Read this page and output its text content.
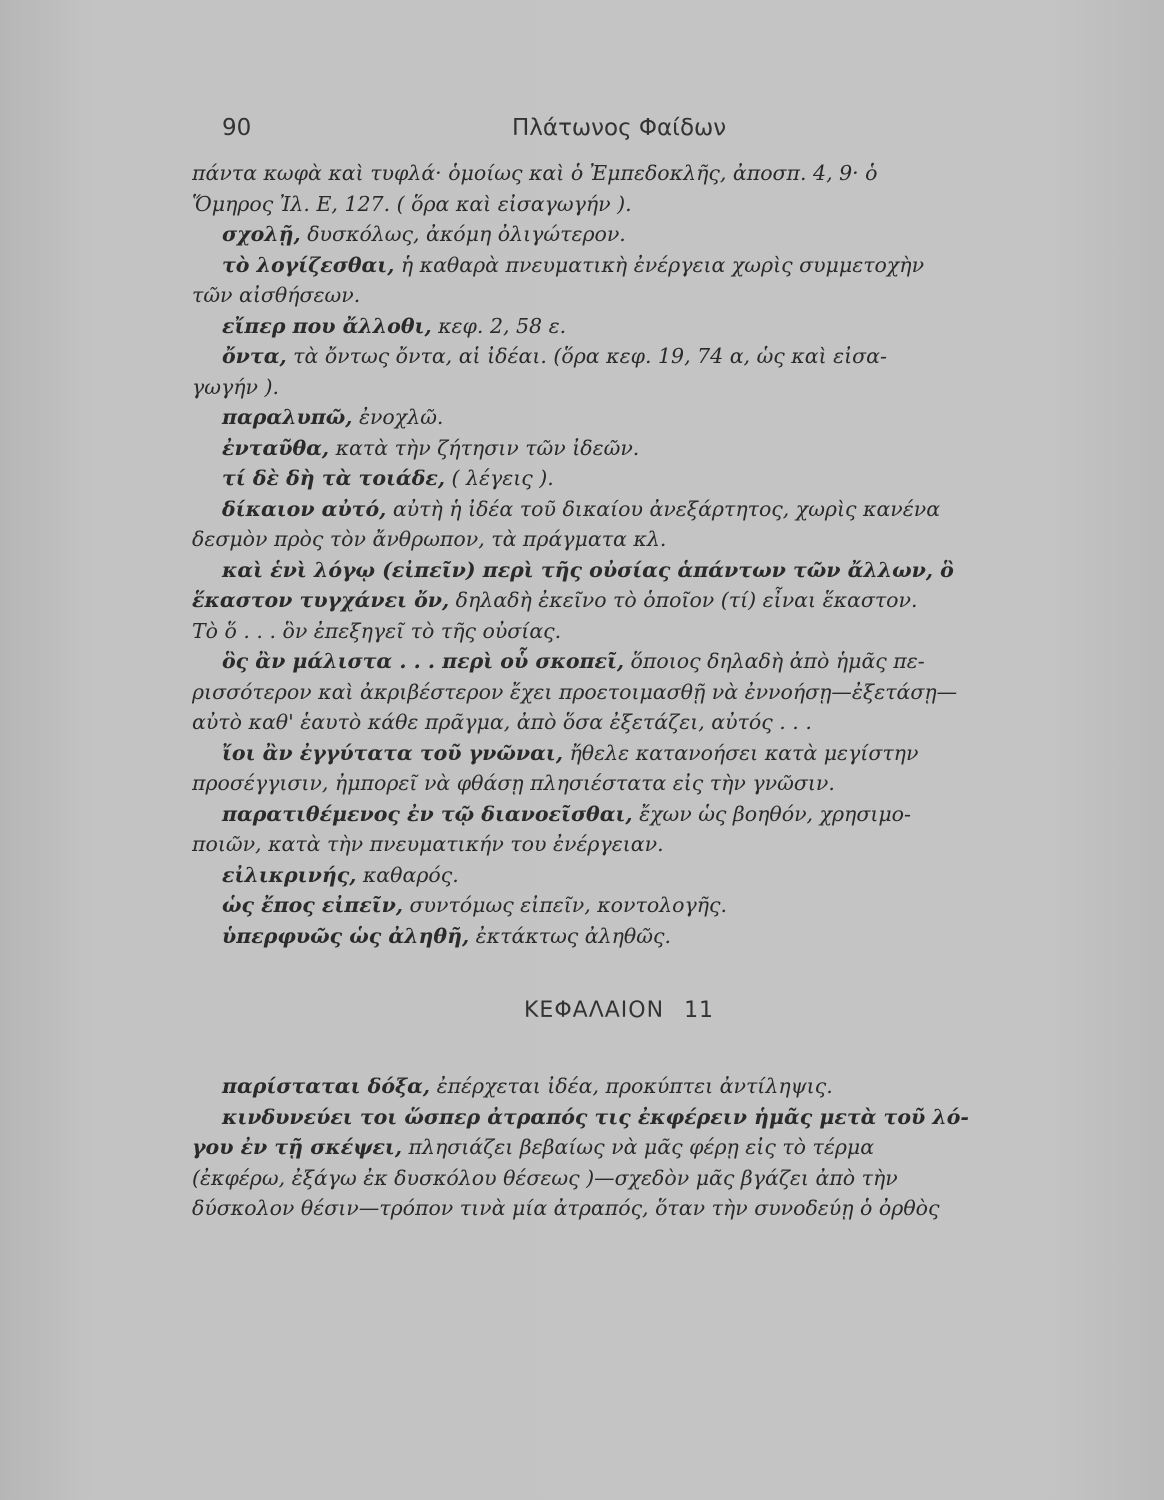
90	Πλάτωνος Φαίδων
πάντα κωφὰ καὶ τυφλά· ὁμοίως καὶ ὁ Ἐμπεδοκλῆς, ἀποσπ. 4, 9· ὁ
Ὅμηρος Ἰλ. Ε, 127. ( ὅρα καὶ εἰσαγωγήν ).
σχολῇ, δυσκόλως, ἀκόμη ὀλιγώτερον.
τὸ λογίζεσθαι, ἡ καθαρὰ πνευματικὴ ἐνέργεια χωρὶς συμμετοχὴν
τῶν αἰσθήσεων.
εἴπερ που ἄλλοθι, κεφ. 2, 58 ε.
ὄντα, τὰ ὄντως ὄντα, αἱ ἰδέαι. (ὅρα κεφ. 19, 74 α, ὡς καὶ εἰσα-
γωγήν ).
παραλυπῶ, ἐνοχλῶ.
ἐνταῦθα, κατὰ τὴν ζήτησιν τῶν ἰδεῶν.
τί δὲ δὴ τὰ τοιάδε, ( λέγεις ).
δίκαιον αὐτό, αὐτὴ ἡ ἰδέα τοῦ δικαίου ἀνεξάρτητος, χωρὶς κανένα
δεσμὸν πρὸς τὸν ἄνθρωπον, τὰ πράγματα κλ.
καὶ ἑνὶ λόγῳ (εἰπεῖν) περὶ τῆς οὐσίας ἁπάντων τῶν ἄλλων, ὃ
ἕκαστον τυγχάνει ὄν, δηλαδὴ ἐκεῖνο τὸ ὁποῖον (τί) εἶναι ἕκαστον.
Τὸ ὅ . . . ὃν ἐπεξηγεῖ τὸ τῆς οὐσίας.
ὃς ἂν μάλιστα . . . περὶ οὗ σκοπεῖ, ὅποιος δηλαδὴ ἀπὸ ἡμᾶς πε-
ρισσότερον καὶ ἀκριβέστερον ἔχει προετοιμασθῇ νὰ ἐννοήσῃ—ἐξετάσῃ—
αὐτὸ καθ' ἑαυτὸ κάθε πρᾶγμα, ἀπὸ ὅσα ἐξετάζει, αὐτός . . .
ἴοι ἂν ἐγγύτατα τοῦ γνῶναι, ἤθελε κατανοήσει κατὰ μεγίστην
προσέγγισιν, ἠμπορεῖ νὰ φθάσῃ πλησιέστατα εἰς τὴν γνῶσιν.
παρατιθέμενος ἐν τῷ διανοεῖσθαι, ἔχων ὡς βοηθόν, χρησιμο-
ποιῶν, κατὰ τὴν πνευματικήν του ἐνέργειαν.
εἰλικρινής, καθαρός.
ὡς ἔπος εἰπεῖν, συντόμως εἰπεῖν, κοντολογῆς.
ὑπερφυῶς ὡς ἀληθῆ, ἐκτάκτως ἀληθῶς.
ΚΕΦΑΛΑΙΟΝ 11
παρίσταται δόξα, ἐπέρχεται ἰδέα, προκύπτει ἀντίληψις.
κινδυνεύει τοι ὥσπερ ἀτραπός τις ἐκφέρειν ἡμᾶς μετὰ τοῦ λό-
γου ἐν τῇ σκέψει, πλησιάζει βεβαίως νὰ μᾶς φέρῃ εἰς τὸ τέρμα
(ἐκφέρω, ἐξάγω ἐκ δυσκόλου θέσεως )—σχεδὸν μᾶς βγάζει ἀπὸ τὴν
δύσκολον θέσιν—τρόπον τινὰ μία ἀτραπός, ὅταν τὴν συνοδεύῃ ὁ ὀρθὸς
